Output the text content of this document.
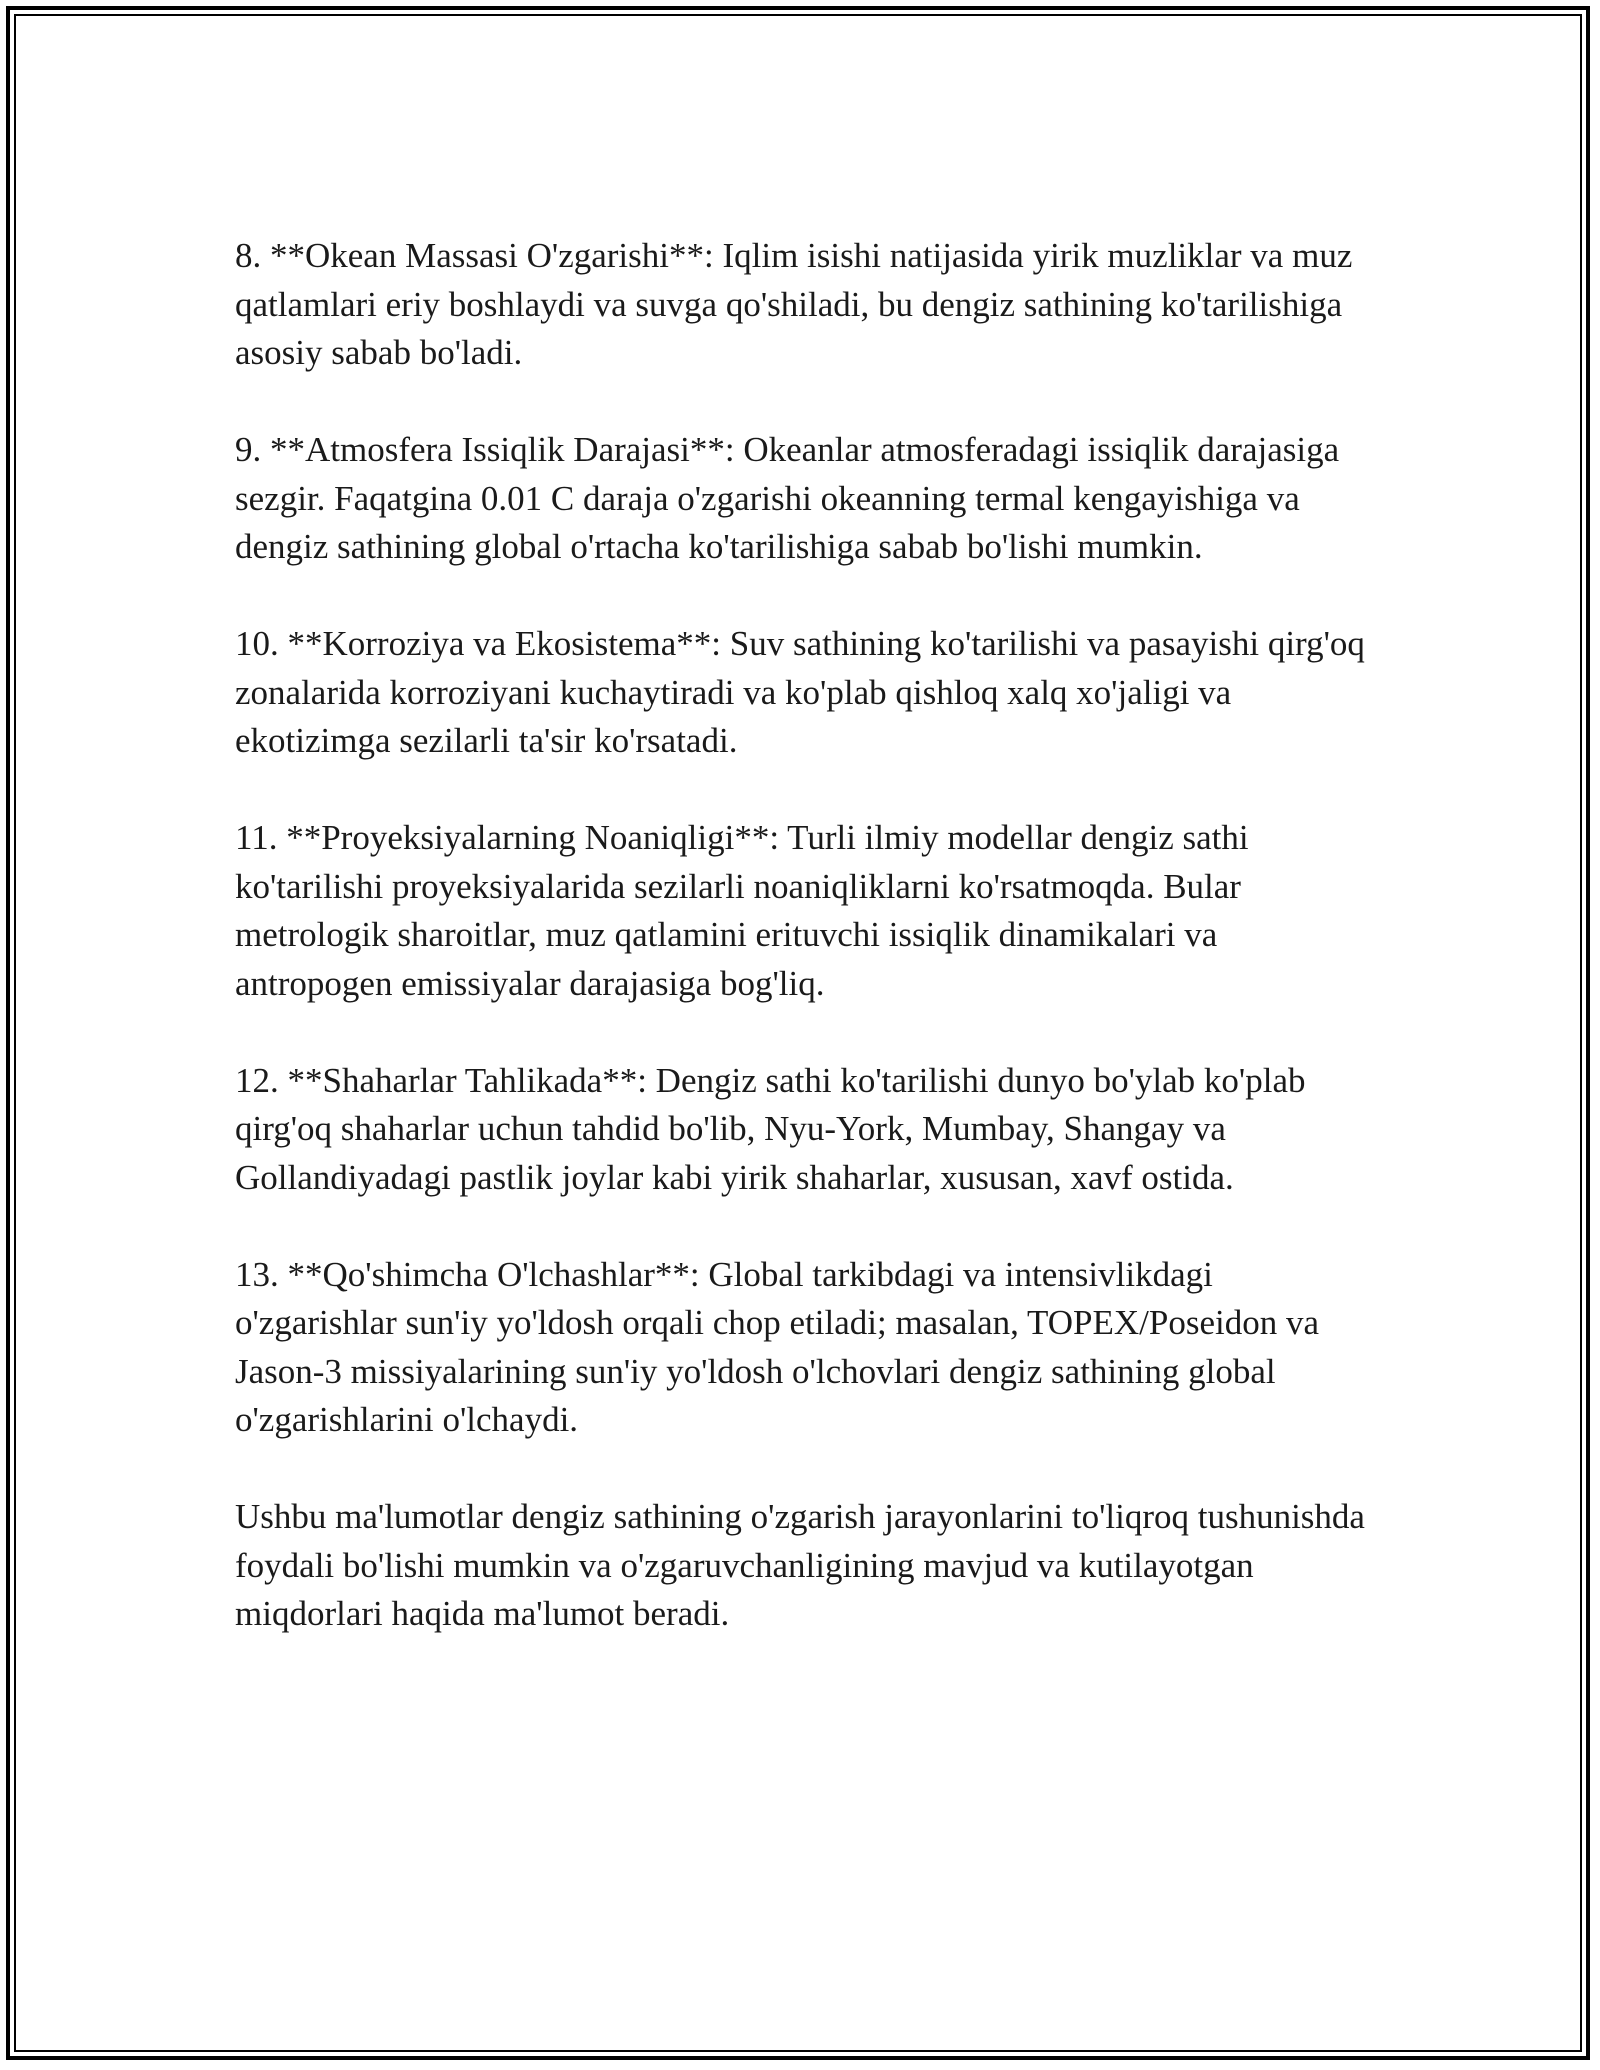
8. **Okean Massasi O'zgarishi**: Iqlim isishi natijasida yirik muzliklar va muz qatlamlari eriy boshlaydi va suvga qo'shiladi, bu dengiz sathining ko'tarilishiga asosiy sabab bo'ladi.

9. **Atmosfera Issiqlik Darajasi**: Okeanlar atmosferadagi issiqlik darajasiga sezgir. Faqatgina 0.01 C daraja o'zgarishi okeanning termal kengayishiga va dengiz sathining global o'rtacha ko'tarilishiga sabab bo'lishi mumkin.

10. **Korroziya va Ekosistema**: Suv sathining ko'tarilishi va pasayishi qirg'oq zonalarida korroziyani kuchaytiradi va ko'plab qishloq xalq xo'jaligi va ekotizimga sezilarli ta'sir ko'rsatadi.

11. **Proyeksiyalarning Noaniqligi**: Turli ilmiy modellar dengiz sathi ko'tarilishi proyeksiyalarida sezilarli noaniqliklarni ko'rsatmoqda. Bular metrologik sharoitlar, muz qatlamini erituvchi issiqlik dinamikalari va antropogen emissiyalar darajasiga bog'liq.

12. **Shaharlar Tahlikada**: Dengiz sathi ko'tarilishi dunyo bo'ylab ko'plab qirg'oq shaharlar uchun tahdid bo'lib, Nyu-York, Mumbay, Shangay va Gollandiyadagi pastlik joylar kabi yirik shaharlar, xususan, xavf ostida.

13. **Qo'shimcha O'lchashlar**: Global tarkibdagi va intensivlikdagi o'zgarishlar sun'iy yo'ldosh orqali chop etiladi; masalan, TOPEX/Poseidon va Jason-3 missiyalarining sun'iy yo'ldosh o'lchovlari dengiz sathining global o'zgarishlarini o'lchaydi.

Ushbu ma'lumotlar dengiz sathining o'zgarish jarayonlarini to'liqroq tushunishda foydali bo'lishi mumkin va o'zgaruvchanligining mavjud va kutilayotgan miqdorlari haqida ma'lumot beradi.
